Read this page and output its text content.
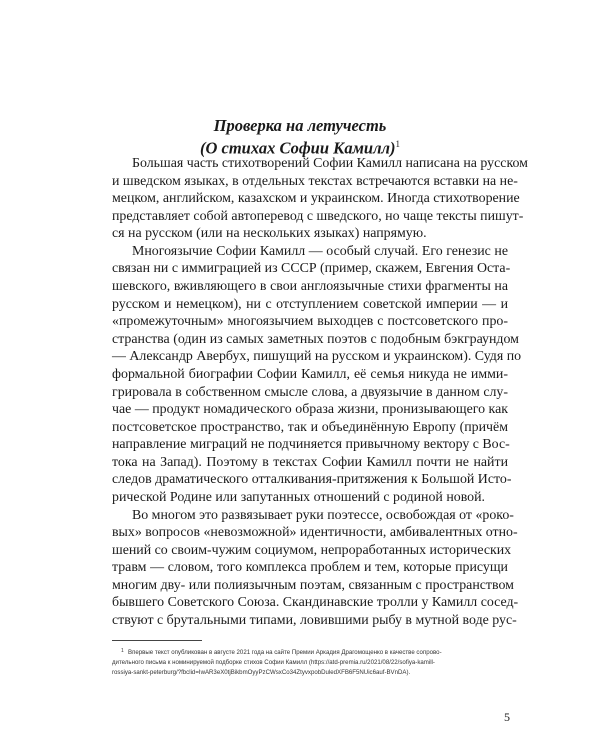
Проверка на летучесть
(О стихах Софии Камилл)$^1$
Большая часть стихотворений Софии Камилл написана на русском
и шведском языках, в отдельных текстах встречаются вставки на не-
мецком, английском, казахском и украинском. Иногда стихотворение
представляет собой автоперевод с шведского, но чаще тексты пишут-
ся на русском (или на нескольких языках) напрямую.
Многоязычие Софии Камилл — особый случай. Его генезис не
связан ни с иммиграцией из СССР (пример, скажем, Евгения Оста-
шевского, вживляющего в свои англоязычные стихи фрагменты на
русском и немецком), ни с отступлением советской империи — и
«промежуточным» многоязычием выходцев с постсоветского про-
странства (один из самых заметных поэтов с подобным бэкграундом
— Александр Авербух, пишущий на русском и украинском). Судя по
формальной биографии Софии Камилл, её семья никуда не имми-
грировала в собственном смысле слова, а двуязычие в данном слу-
чае — продукт номадического образа жизни, пронизывающего как
постсоветское пространство, так и объединённую Европу (причём
направление миграций не подчиняется привычному вектору с Вос-
тока на Запад). Поэтому в текстах Софии Камилл почти не найти
следов драматического отталкивания-притяжения к Большой Исто-
рической Родине или запутанных отношений с родиной новой.
Во многом это развязывает руки поэтессе, освобождая от «роко-
вых» вопросов «невозможной» идентичности, амбивалентных отно-
шений со своим-чужим социумом, непроработанных исторических
травм — словом, того комплекса проблем и тем, которые присущи
многим дву- или полиязычным поэтам, связанным с пространством
бывшего Советского Союза. Скандинавские тролли у Камилл сосед-
ствуют с брутальными типами, ловившими рыбу в мутной воде рус-
5
1 Впервые текст опубликован в августе 2021 года на сайте Премии Аркадия Драгомощенко в качестве сопрово-
дительного письма к номинируемой подборке стихов Софии Камилл (https://atd-premia.ru/2021/08/22/sofiya-kamill-
rossiya-sankt-peterburg/?fbclid=IwAR3eX0tjBikbmOyyPzCWsxCo34ZtyvxpobDuledXFB6F5NUic6auf-BVnDA).
